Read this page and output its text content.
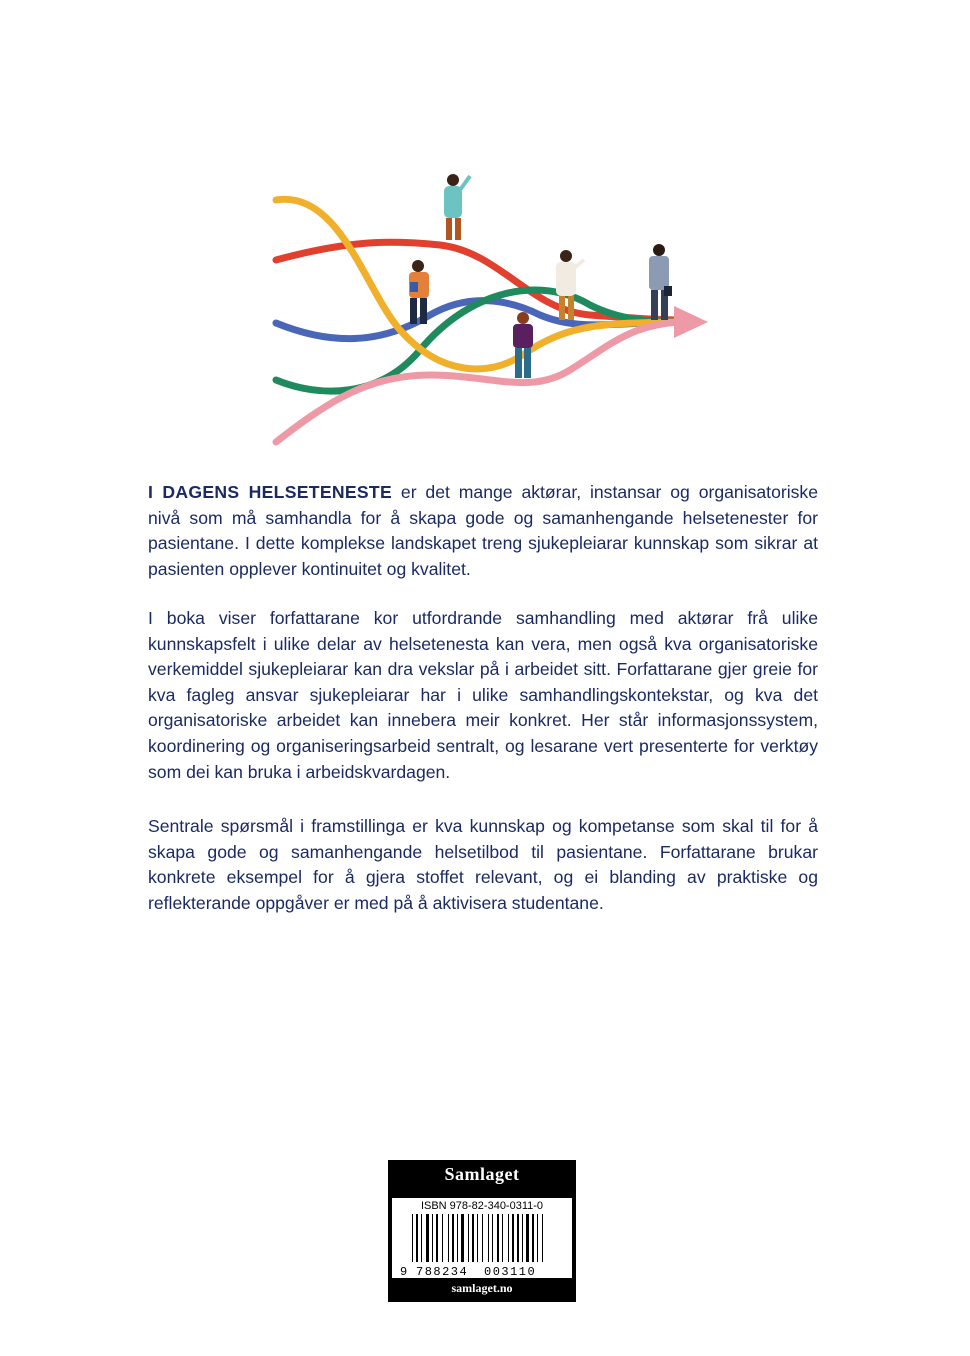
I DAGENS HELSETENESTE er det mange aktørar, instansar og organisatoriske nivå som må samhandla for å skapa gode og samanhengande helsetenester for pasientane. I dette komplekse landskapet treng sjukepleiarar kunnskap som sikrar at pasienten opplever kontinuitet og kvalitet.

I boka viser forfattarane kor utfordrande samhandling med aktørar frå ulike kunnskapsfelt i ulike delar av helsetenesta kan vera, men også kva organisatoriske verkemiddel sjukepleiarar kan dra vekslar på i arbeidet sitt. Forfattarane gjer greie for kva fagleg ansvar sjukepleiarar har i ulike samhandlingskontekstar, og kva det organisatoriske arbeidet kan innebera meir konkret. Her står informasjonssystem, koordinering og organiseringsarbeid sentralt, og lesarane vert presenterte for verktøy som dei kan bruka i arbeidskvardagen.

Sentrale spørsmål i framstillinga er kva kunnskap og kompetanse som skal til for å skapa gode og samanhengande helsetilbod til pasientane. Forfattarane brukar konkrete eksempel for å gjera stoffet relevant, og ei blanding av praktiske og reflekterande oppgåver er med på å aktivisera studentane.

Samlaget
ISBN 978-82-340-0311-0
9 788234 003110
samlaget.no
